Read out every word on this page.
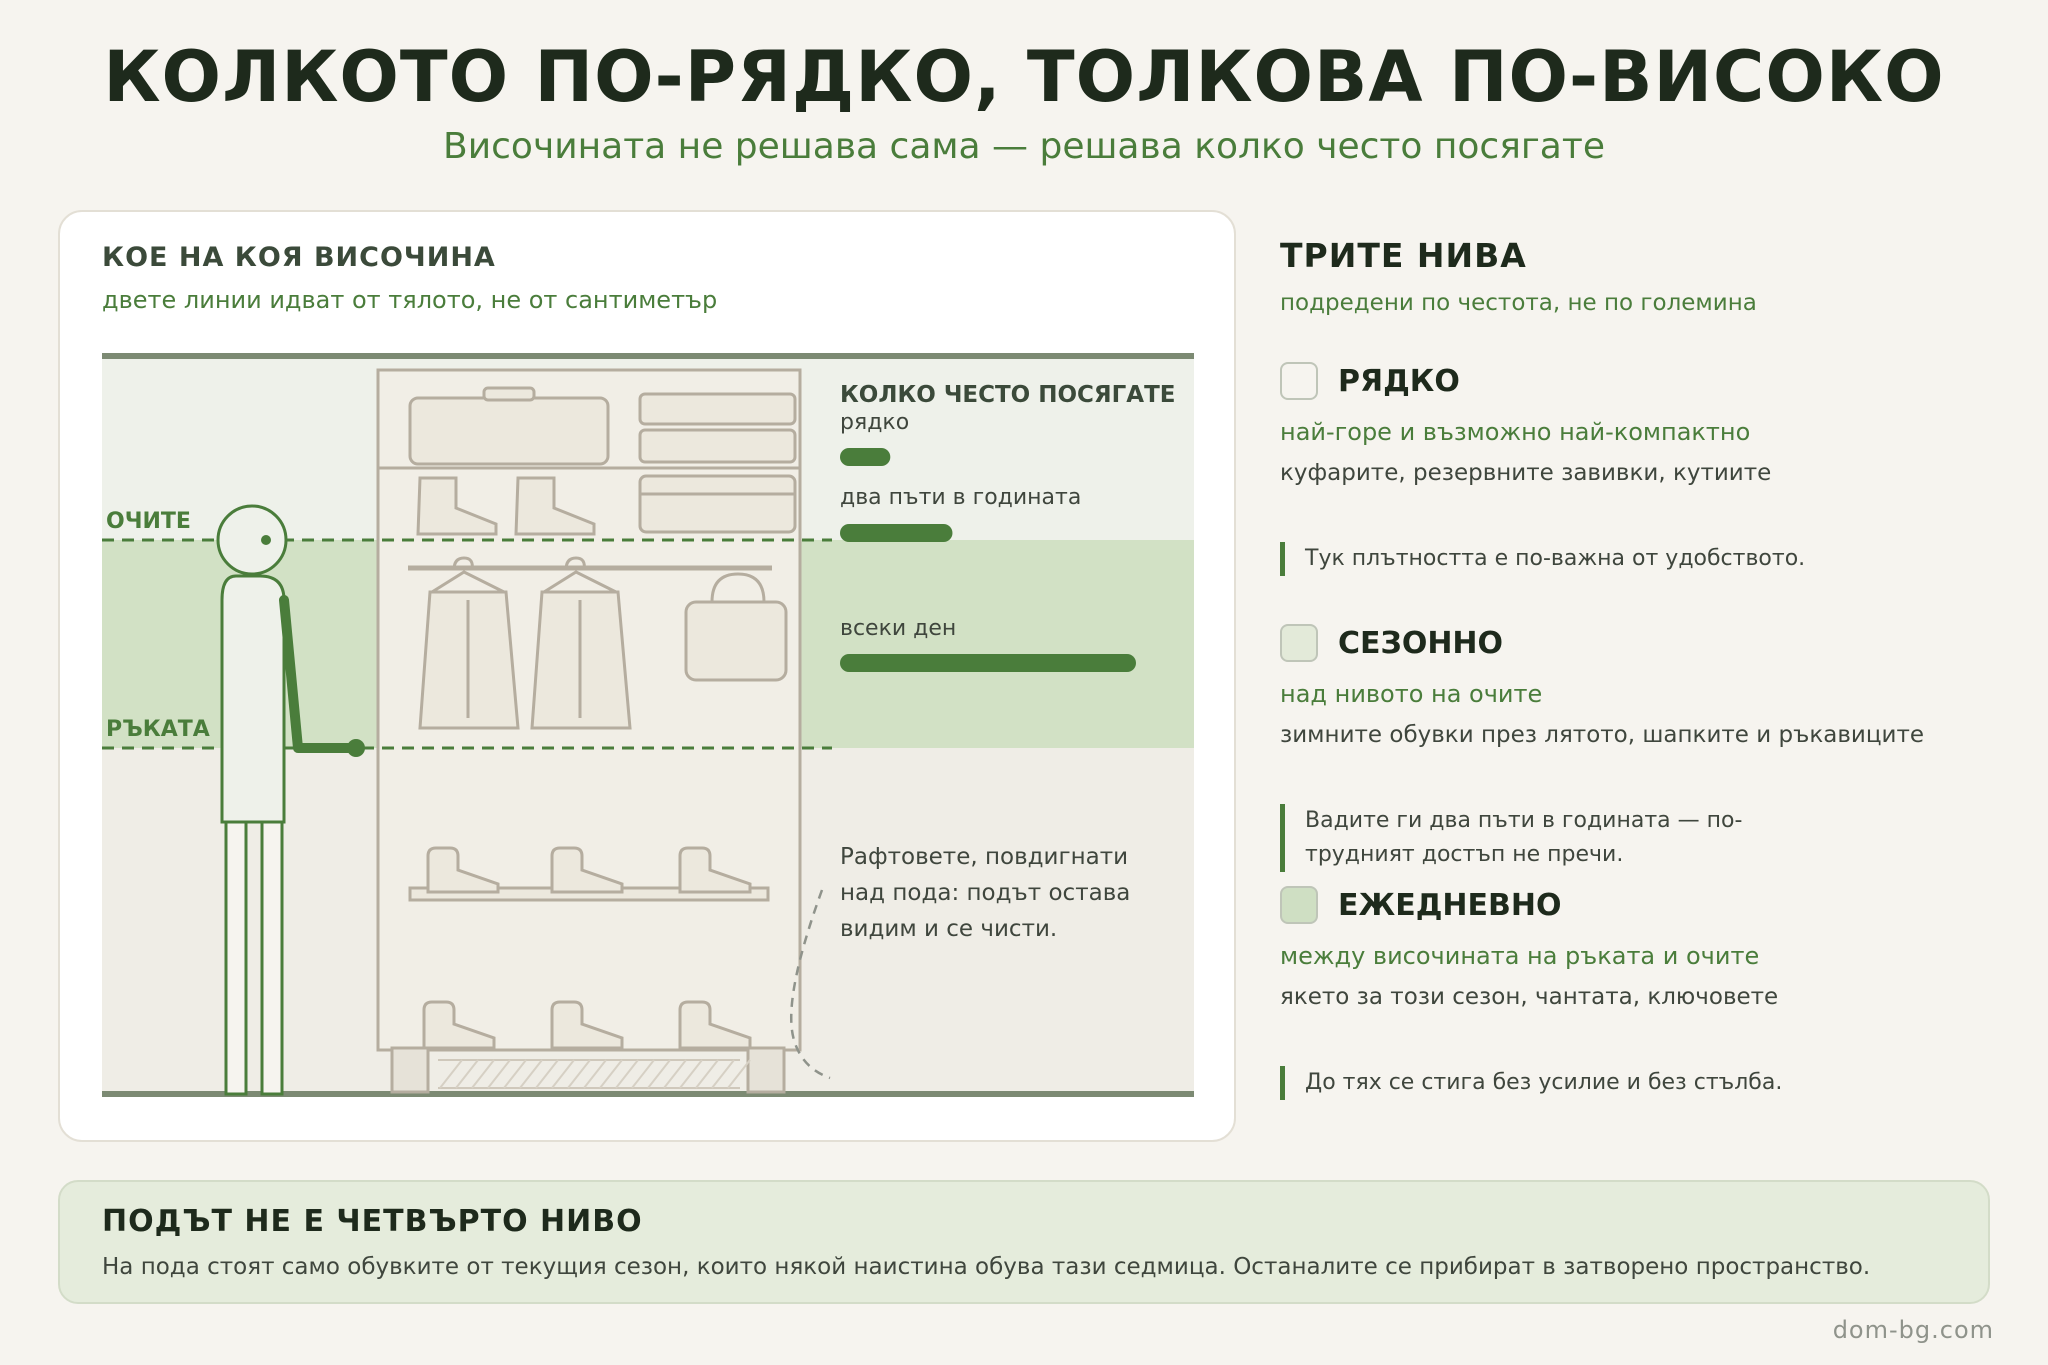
КОЛКОТО ПО-РЯДКО, ТОЛКОВА ПО-ВИСОКО

Височината не решава сама — решава колко често посягате

КОЕ НА КОЯ ВИСОЧИНА
двете линии идват от тялото, не от сантиметър
ОЧИТЕ
РЪКАТА
КОЛКО ЧЕСТО ПОСЯГАТЕ
рядко
два пъти в годината
всеки ден
Рафтовете, повдигнати над пода: подът остава видим и се чисти.
ТРИТЕ НИВА
подредени по честота, не по големина
РЯДКО
най-горе и възможно най-компактно
куфарите, резервните завивки, кутиите
Тук плътността е по-важна от удобството.
СЕЗОННО
над нивото на очите
зимните обувки през лятото, шапките и ръкавиците
Вадите ги два пъти в годината — по-трудният достъп не пречи.
ЕЖЕДНЕВНО
между височината на ръката и очите
якето за този сезон, чантата, ключовете
До тях се стига без усилие и без стълба.
ПОДЪТ НЕ Е ЧЕТВЪРТО НИВО
На пода стоят само обувките от текущия сезон, които някой наистина обува тази седмица. Останалите се прибират в затворено пространство.
dom-bg.com
